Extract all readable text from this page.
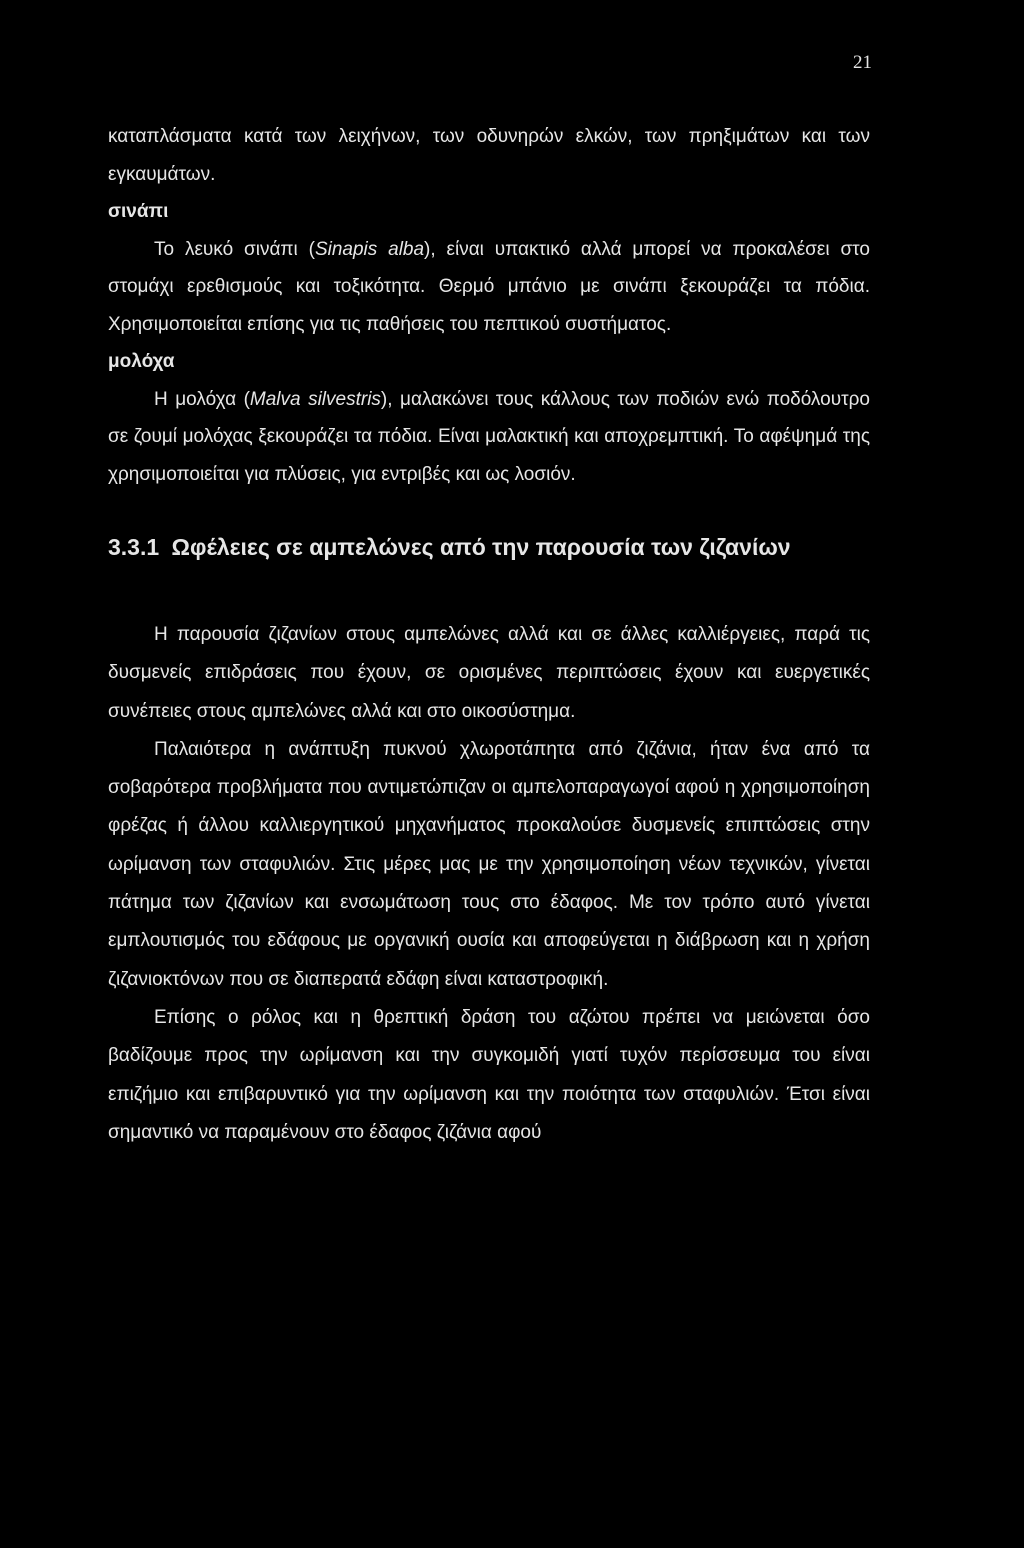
21

καταπλάσματα κατά των λειχήνων, των οδυνηρών ελκών, των πρηξιμάτων και των εγκαυμάτων.

σινάπι

Το λευκό σινάπι (Sinapis alba), είναι υπακτικό αλλά μπορεί να προκαλέσει στο στομάχι ερεθισμούς και τοξικότητα. Θερμό μπάνιο με σινάπι ξεκουράζει τα πόδια. Χρησιμοποιείται επίσης για τις παθήσεις του πεπτικού συστήματος.

μολόχα

Η μολόχα (Malva silvestris), μαλακώνει τους κάλλους των ποδιών ενώ ποδόλουτρο σε ζουμί μολόχας ξεκουράζει τα πόδια. Είναι μαλακτική και αποχρεμπτική. Το αφέψημά της χρησιμοποιείται για πλύσεις, για εντριβές και ως λοσιόν.

3.3.1 Ωφέλειες σε αμπελώνες από την παρουσία των ζιζανίων

Η παρουσία ζιζανίων στους αμπελώνες αλλά και σε άλλες καλλιέργειες, παρά τις δυσμενείς επιδράσεις που έχουν, σε ορισμένες περιπτώσεις έχουν και ευεργετικές συνέπειες στους αμπελώνες αλλά και στο οικοσύστημα.

Παλαιότερα η ανάπτυξη πυκνού χλωροτάπητα από ζιζάνια, ήταν ένα από τα σοβαρότερα προβλήματα που αντιμετώπιζαν οι αμπελοπαραγωγοί αφού η χρησιμοποίηση φρέζας ή άλλου καλλιεργητικού μηχανήματος προκαλούσε δυσμενείς επιπτώσεις στην ωρίμανση των σταφυλιών. Στις μέρες μας με την χρησιμοποίηση νέων τεχνικών, γίνεται πάτημα των ζιζανίων και ενσωμάτωση τους στο έδαφος. Με τον τρόπο αυτό γίνεται εμπλουτισμός του εδάφους με οργανική ουσία και αποφεύγεται η διάβρωση και η χρήση ζιζανιοκτόνων που σε διαπερατά εδάφη είναι καταστροφική.

Επίσης ο ρόλος και η θρεπτική δράση του αζώτου πρέπει να μειώνεται όσο βαδίζουμε προς την ωρίμανση και την συγκομιδή γιατί τυχόν περίσσευμα του είναι επιζήμιο και επιβαρυντικό για την ωρίμανση και την ποιότητα των σταφυλιών. Έτσι είναι σημαντικό να παραμένουν στο έδαφος ζιζάνια αφού
